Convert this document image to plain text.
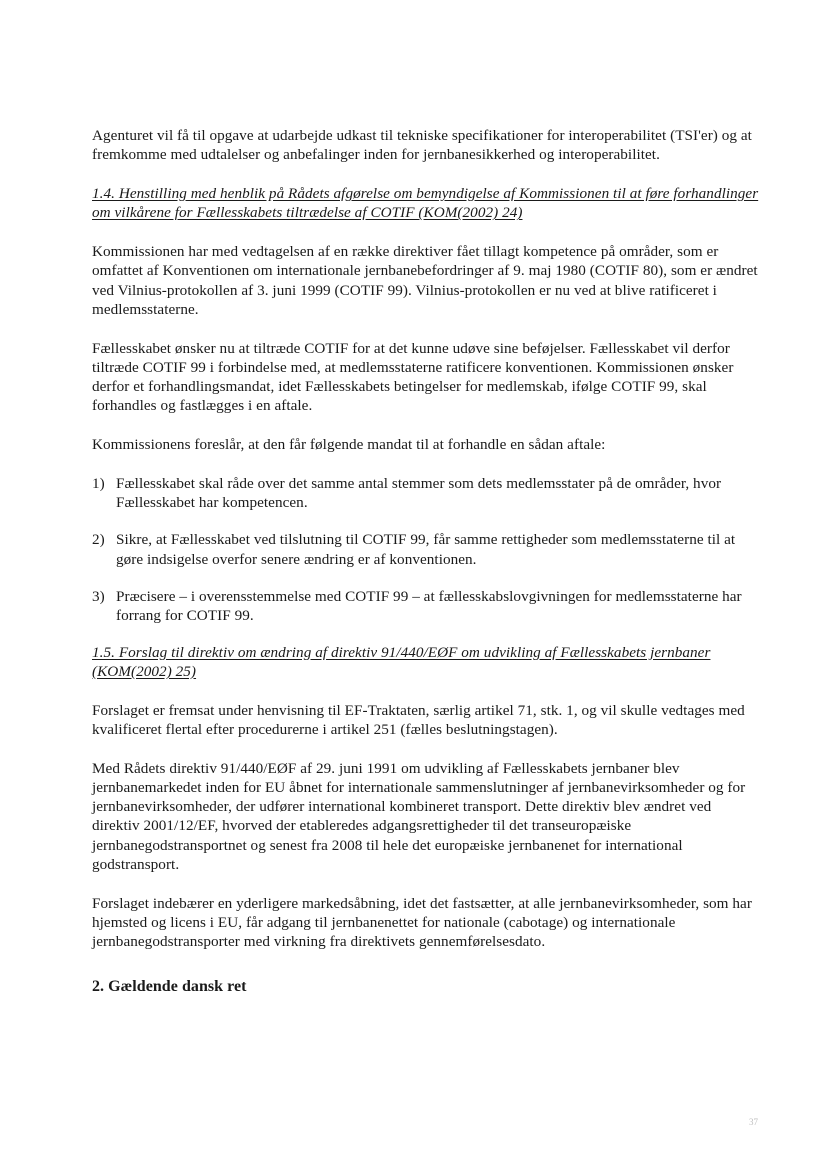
Agenturet vil få til opgave at udarbejde udkast til tekniske specifikationer for interoperabilitet (TSI'er) og at fremkomme med udtalelser og anbefalinger inden for jernbanesikkerhed og interoperabilitet.

1.4. Henstilling med henblik på Rådets afgørelse om bemyndigelse af Kommissionen til at føre forhandlinger om vilkårene for Fællesskabets tiltrædelse af COTIF (KOM(2002) 24)

Kommissionen har med vedtagelsen af en række direktiver fået tillagt kompetence på områder, som er omfattet af Konventionen om internationale jernbanebefordringer af 9. maj 1980 (COTIF 80), som er ændret ved Vilnius-protokollen af 3. juni 1999 (COTIF 99). Vilnius-protokollen er nu ved at blive ratificeret i medlemsstaterne.

Fællesskabet ønsker nu at tiltræde COTIF for at det kunne udøve sine beføjelser. Fællesskabet vil derfor tiltræde COTIF 99 i forbindelse med, at medlemsstaterne ratificere konventionen. Kommissionen ønsker derfor et forhandlingsmandat, idet Fællesskabets betingelser for medlemskab, ifølge COTIF 99, skal forhandles og fastlægges i en aftale.

Kommissionens foreslår, at den får følgende mandat til at forhandle en sådan aftale:

1) Fællesskabet skal råde over det samme antal stemmer som dets medlemsstater på de områder, hvor Fællesskabet har kompetencen.

2) Sikre, at Fællesskabet ved tilslutning til COTIF 99, får samme rettigheder som medlemsstaterne til at gøre indsigelse overfor senere ændring er af konventionen.

3) Præcisere – i overensstemmelse med COTIF 99 – at fællesskabslovgivningen for medlemsstaterne har forrang for COTIF 99.

1.5. Forslag til direktiv om ændring af direktiv 91/440/EØF om udvikling af Fællesskabets jernbaner (KOM(2002) 25)

Forslaget er fremsat under henvisning til EF-Traktaten, særlig artikel 71, stk. 1, og vil skulle vedtages med kvalificeret flertal efter procedurerne i artikel 251 (fælles beslutningstagen).

Med Rådets direktiv 91/440/EØF af 29. juni 1991 om udvikling af Fællesskabets jernbaner blev jernbanemarkedet inden for EU åbnet for internationale sammenslutninger af jernbanevirksomheder og for jernbanevirksomheder, der udfører international kombineret transport. Dette direktiv blev ændret ved direktiv 2001/12/EF, hvorved der etableredes adgangsrettigheder til det transeuropæiske jernbanegodstransportnet og senest fra 2008 til hele det europæiske jernbanenet for international godstransport.

Forslaget indebærer en yderligere markedsåbning, idet det fastsætter, at alle jernbanevirksomheder, som har hjemsted og licens i EU, får adgang til jernbanenettet for nationale (cabotage) og internationale jernbanegodstransporter med virkning fra direktivets gennemførelsesdato.

2. Gældende dansk ret

37
